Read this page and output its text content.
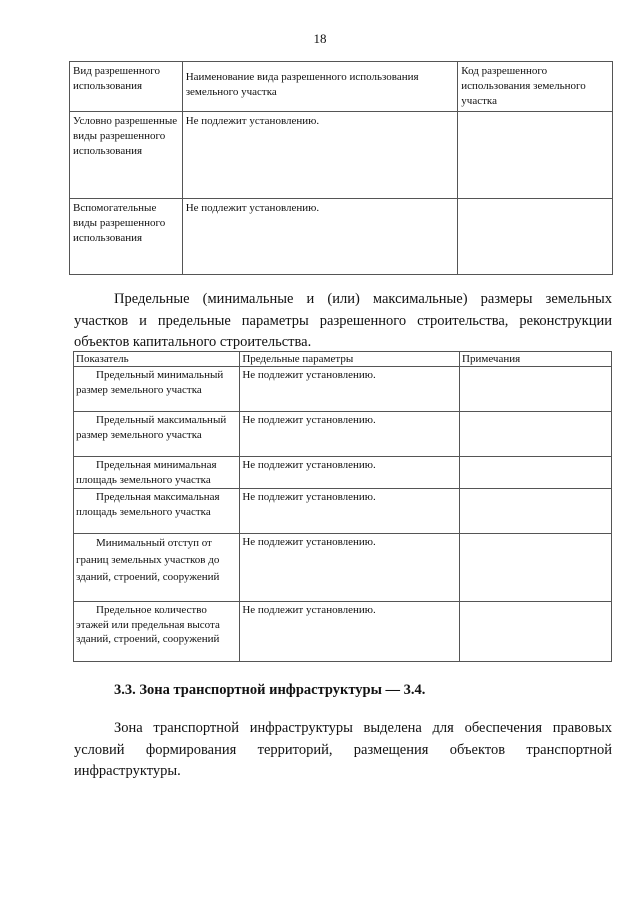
18
Вид разрешенного использования	Наименование вида разрешенного использования земельного участка	Код разрешенного использования земельного участка
Условно разрешенные виды разрешенного использования	Не подлежит установлению.	
Вспомогательные виды разрешенного использования	Не подлежит установлению.	
Предельные (минимальные и (или) максимальные) размеры земельных участков и предельные параметры разрешенного строительства, реконструкции объектов капитального строительства.
Показатель	Предельные параметры	Примечания
Предельный минимальный размер земельного участка	Не подлежит установлению.	
Предельный максимальный размер земельного участка	Не подлежит установлению.	
Предельная минимальная площадь земельного участка	Не подлежит установлению.	
Предельная максимальная площадь земельного участка	Не подлежит установлению.	
Минимальный отступ от границ земельных участков до зданий, строений, сооружений	Не подлежит установлению.	
Предельное количество этажей или предельная высота зданий, строений, сооружений	Не подлежит установлению.	
3.3. Зона транспортной инфраструктуры — 3.4.
Зона транспортной инфраструктуры выделена для обеспечения правовых условий формирования территорий, размещения объектов транспортной инфраструктуры.
